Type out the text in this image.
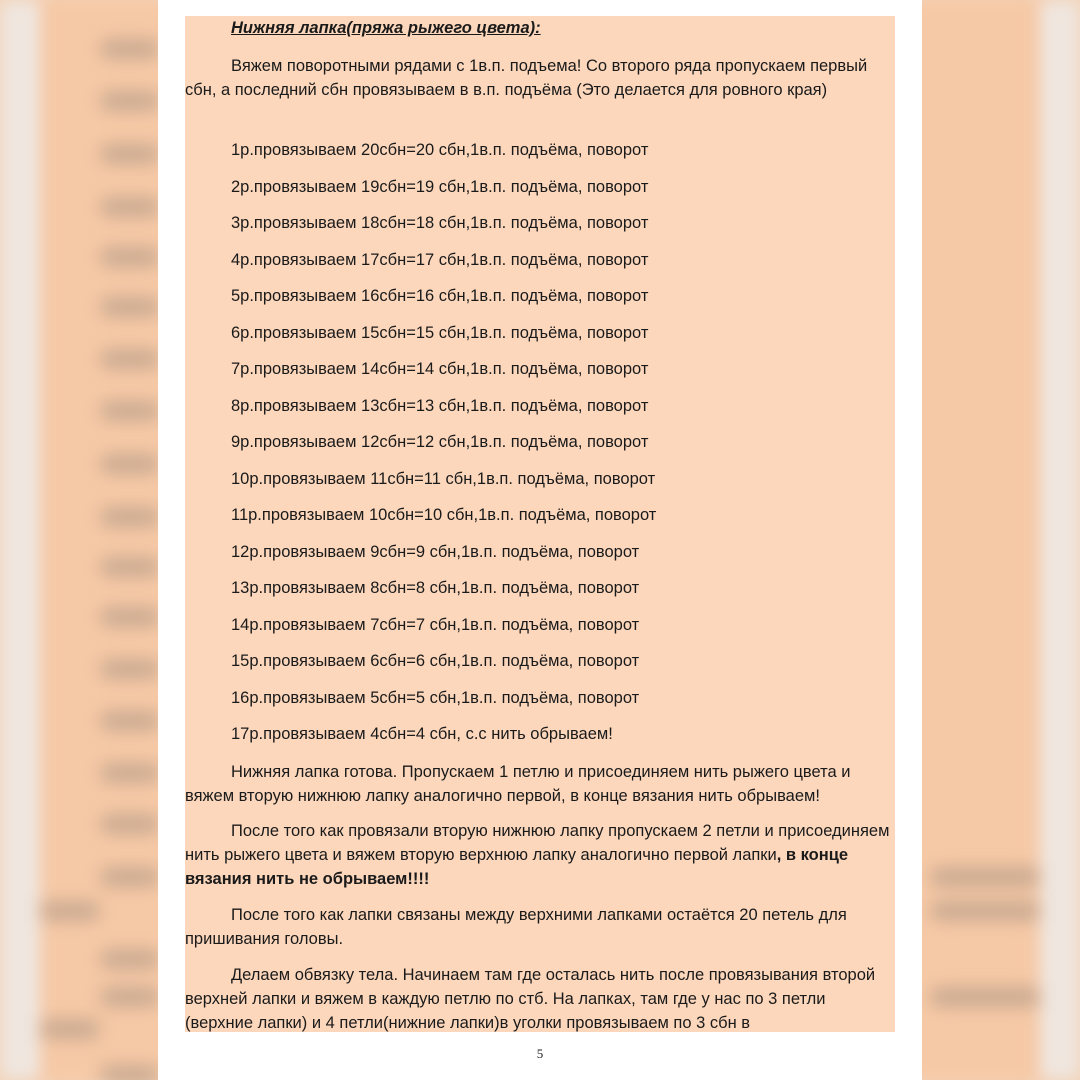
Нижняя лапка(пряжа рыжего цвета):

Вяжем поворотными рядами с 1в.п. подъема! Со второго ряда пропускаем первый сбн, а последний сбн провязываем в в.п. подъёма (Это делается для ровного края)

1р.провязываем 20сбн=20 сбн,1в.п. подъёма, поворот

2р.провязываем 19сбн=19 сбн,1в.п. подъёма, поворот

3р.провязываем 18сбн=18 сбн,1в.п. подъёма, поворот

4р.провязываем 17сбн=17 сбн,1в.п. подъёма, поворот

5р.провязываем 16сбн=16 сбн,1в.п. подъёма, поворот

6р.провязываем 15сбн=15 сбн,1в.п. подъёма, поворот

7р.провязываем 14сбн=14 сбн,1в.п. подъёма, поворот

8р.провязываем 13сбн=13 сбн,1в.п. подъёма, поворот

9р.провязываем 12сбн=12 сбн,1в.п. подъёма, поворот

10р.провязываем 11сбн=11 сбн,1в.п. подъёма, поворот

11р.провязываем 10сбн=10 сбн,1в.п. подъёма, поворот

12р.провязываем 9сбн=9 сбн,1в.п. подъёма, поворот

13р.провязываем 8сбн=8 сбн,1в.п. подъёма, поворот

14р.провязываем 7сбн=7 сбн,1в.п. подъёма, поворот

15р.провязываем 6сбн=6 сбн,1в.п. подъёма, поворот

16р.провязываем 5сбн=5 сбн,1в.п. подъёма, поворот

17р.провязываем 4сбн=4 сбн, с.с нить обрываем!

Нижняя лапка готова. Пропускаем 1 петлю и присоединяем нить рыжего цвета и вяжем вторую нижнюю лапку аналогично первой, в конце вязания нить обрываем!

После того как провязали вторую нижнюю лапку пропускаем 2 петли и присоединяем нить рыжего цвета и вяжем вторую верхнюю лапку аналогично первой лапки, в конце вязания нить не обрываем!!!!

После того как лапки связаны между верхними лапками остаётся 20 петель для пришивания головы.

Делаем обвязку тела. Начинаем там где осталась нить после провязывания второй верхней лапки и вяжем в каждую петлю по стб. На лапках, там где у нас по 3 петли (верхние лапки) и 4 петли(нижние лапки)в уголки провязываем по 3 сбн в

5
